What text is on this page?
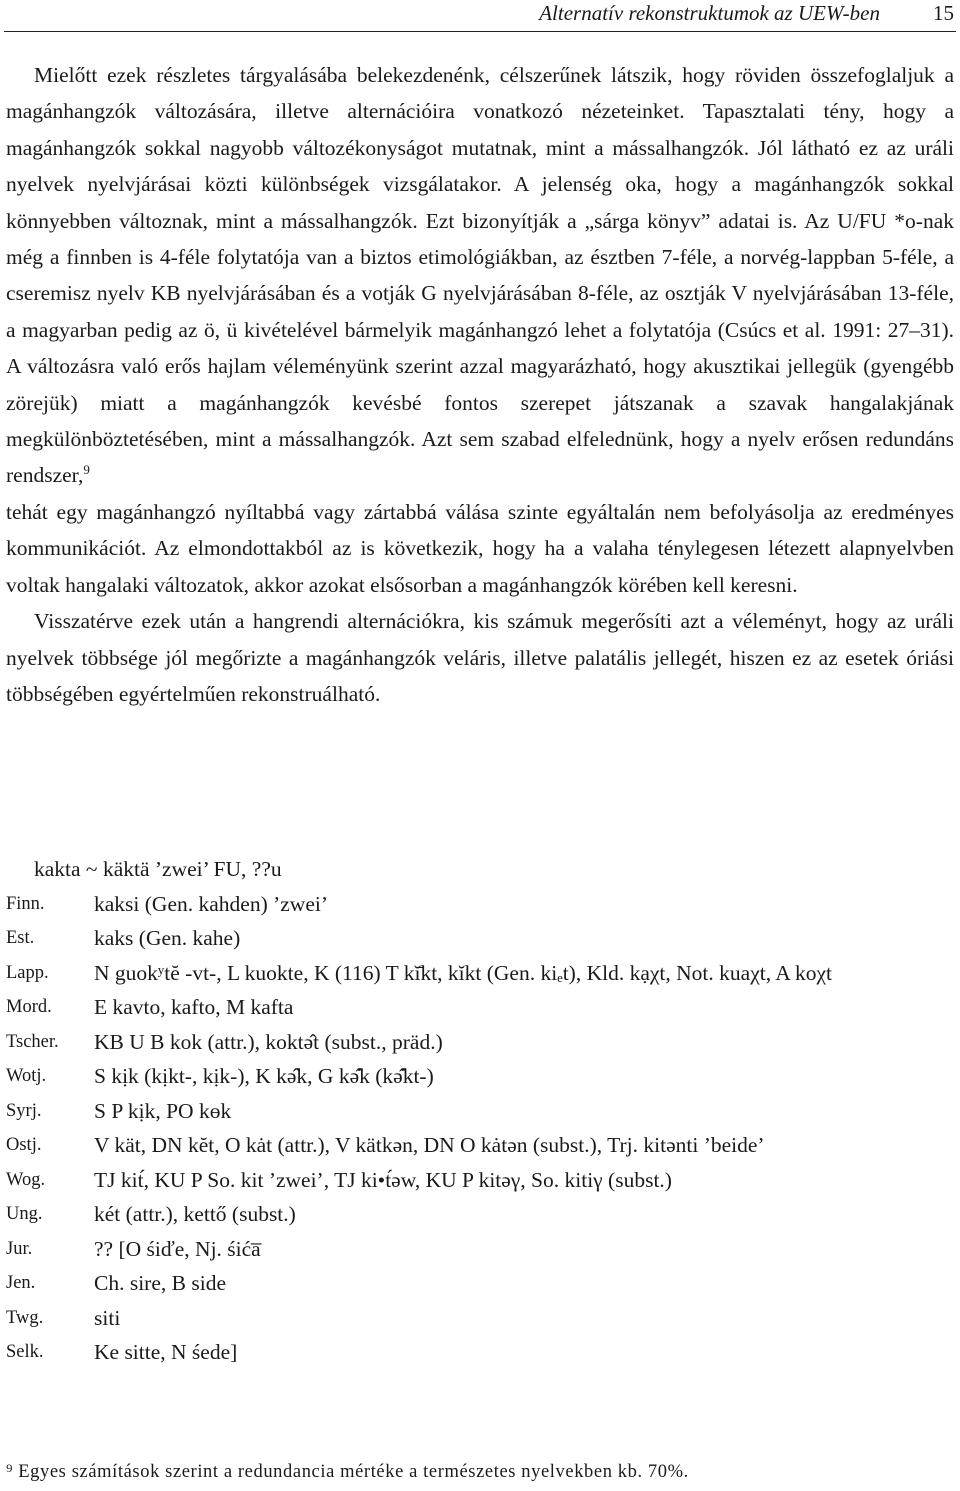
Alternatív rekonstruktumok az UEW-ben	15

Mielőtt ezek részletes tárgyalásába belekezdenénk, célszerűnek látszik, hogy röviden összefoglaljuk a magánhangzók változására, illetve alternációira vonatkozó nézeteinket. Tapasztalati tény, hogy a magánhangzók sokkal nagyobb változékonyságot mutatnak, mint a mássalhangzók. Jól látható ez az uráli nyelvek nyelvjárásai közti különbségek vizsgálatakor. A jelenség oka, hogy a magánhangzók sokkal könnyebben változnak, mint a mássalhangzók. Ezt bizonyítják a „sárga könyv” adatai is. Az U/FU *o-nak még a finnben is 4-féle folytatója van a biztos etimológiákban, az észtben 7-féle, a norvég-lappban 5-féle, a cseremisz nyelv KB nyelvjárásában és a votják G nyelvjárásában 8-féle, az osztják V nyelvjárásában 13-féle, a magyarban pedig az ö, ü kivételével bármelyik magánhangzó lehet a folytatója (Csúcs et al. 1991: 27–31). A változásra való erős hajlam véleményünk szerint azzal magyarázható, hogy akusztikai jellegük (gyengébb zörejük) miatt a magánhangzók kevésbé fontos szerepet játszanak a szavak hangalakjának megkülönböztetésében, mint a mássalhangzók. Azt sem szabad elfelednünk, hogy a nyelv erősen redundáns rendszer,$^9$

tehát egy magánhangzó nyíltabbá vagy zártabbá válása szinte egyáltalán nem befolyásolja az eredményes kommunikációt. Az elmondottakból az is következik, hogy ha a valaha ténylegesen létezett alapnyelvben voltak hangalaki változatok, akkor azokat elsősorban a magánhangzók körében kell keresni.

Visszatérve ezek után a hangrendi alternációkra, kis számuk megerősíti azt a véleményt, hogy az uráli nyelvek többsége jól megőrizte a magánhangzók veláris, illetve palatális jellegét, hiszen ez az esetek óriási többségében egyértelműen rekonstruálható.

kakta ~ käktä ’zwei’ FU, ??u
Finn.	kaksi (Gen. kahden) ’zwei’
Est.	kaks (Gen. kahe)
Lapp.	N guokʸtĕ -vt-, L kuokte, K (116) T kĭ̄kt, kĭkt (Gen. kiₑt), Kld. kạχt, Not. kuaχt, A koχt
Mord.	E kavto, kafto, M kafta
Tscher.	KB U B kok (attr.), koktə̂t (subst., präd.)
Wotj.	S kịk (kịkt-, kịk-), K kə̂k, G kə̂̇k (kə̂̇kt-)
Syrj.	S P kịk, PO kɵk
Ostj.	V kät, DN kĕt, O kȧt (attr.), V kätkən, DN O kȧtən (subst.), Trj. kitənti ’beide’
Wog.	TJ kit́, KU P So. kit ’zwei’, TJ ki•t́əw, KU P kitəγ, So. kitiγ (subst.)
Ung.	két (attr.), kettő (subst.)
Jur.	?? [O śiďe, Nj. śića̅
Jen.	Ch. sire, B side
Twg.	siti
Selk.	Ke sitte, N śede]
⁹ Egyes számítások szerint a redundancia mértéke a természetes nyelvekben kb. 70%.
